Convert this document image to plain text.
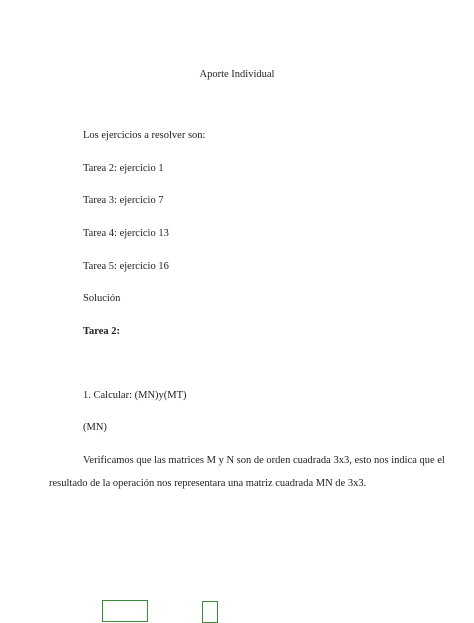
Aporte Individual
Los ejercicios a resolver son:
Tarea 2: ejercicio 1
Tarea 3: ejercicio 7
Tarea 4: ejercicio 13
Tarea 5: ejercicio 16
Solución
Tarea 2:
1. Calcular: (MN)y(MT)
(MN)
Verificamos que las matrices M y N son de orden cuadrada 3x3, esto nos indica que el
resultado de la operación nos representara una matriz cuadrada MN de 3x3.
